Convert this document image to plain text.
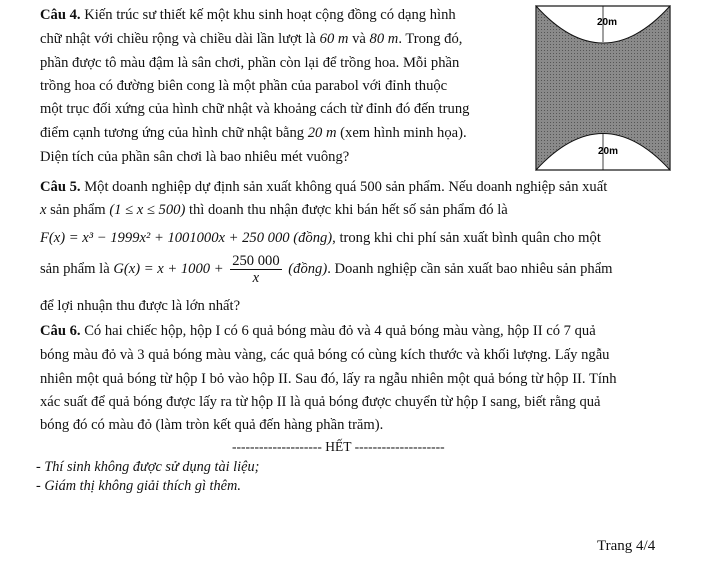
Câu 4. Kiến trúc sư thiết kế một khu sinh hoạt cộng đồng có dạng hình
chữ nhật với chiều rộng và chiều dài lần lượt là 60 m và 80 m. Trong đó,
phần được tô màu đậm là sân chơi, phần còn lại để trồng hoa. Mỗi phần
trồng hoa có đường biên cong là một phần của parabol với đỉnh thuộc
một trục đối xứng của hình chữ nhật và khoảng cách từ đỉnh đó đến trung
điểm cạnh tương ứng của hình chữ nhật bằng 20 m (xem hình minh họa).
Diện tích của phần sân chơi là bao nhiêu mét vuông?
20m
20m
Câu 5. Một doanh nghiệp dự định sản xuất không quá 500 sản phẩm. Nếu doanh nghiệp sản xuất
x sản phẩm (1 ≤ x ≤ 500) thì doanh thu nhận được khi bán hết số sản phẩm đó là
F(x) = x³ − 1999x² + 1001000x + 250 000 (đồng), trong khi chi phí sản xuất bình quân cho một
sản phẩm là $G(x) = x + 1000 + \frac{250 000}{x}$ (đồng). Doanh nghiệp cần sản xuất bao nhiêu sản phẩm
để lợi nhuận thu được là lớn nhất?
Câu 6. Có hai chiếc hộp, hộp I có 6 quả bóng màu đỏ và 4 quả bóng màu vàng, hộp II có 7 quả
bóng màu đỏ và 3 quả bóng màu vàng, các quả bóng có cùng kích thước và khối lượng. Lấy ngẫu
nhiên một quả bóng từ hộp I bỏ vào hộp II. Sau đó, lấy ra ngẫu nhiên một quả bóng từ hộp II. Tính
xác suất để quả bóng được lấy ra từ hộp II là quả bóng được chuyển từ hộp I sang, biết rằng quả
bóng đó có màu đỏ (làm tròn kết quả đến hàng phần trăm).
-------------------- HẾT --------------------
- Thí sinh không được sử dụng tài liệu;
- Giám thị không giải thích gì thêm.
Trang 4/4
